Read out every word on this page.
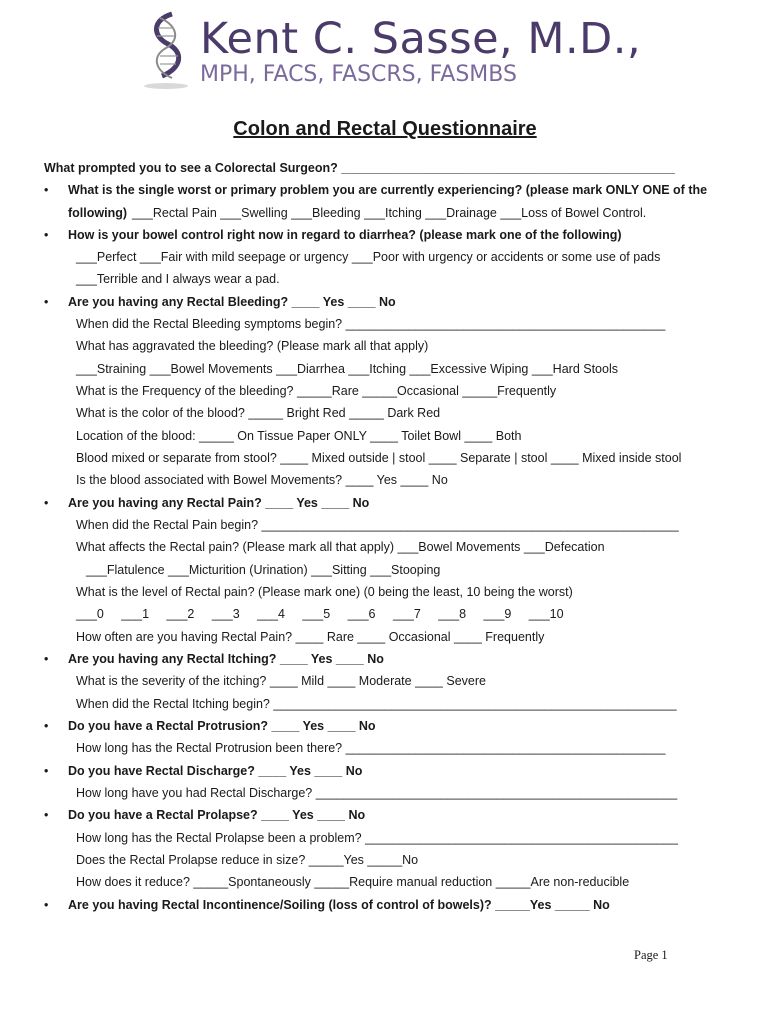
Kent C. Sasse, M.D.,
MPH, FACS, FASCRS, FASMBS
Colon and Rectal Questionnaire
What prompted you to see a Colorectal Surgeon? ________________________________________________
• What is the single worst or primary problem you are currently experiencing? (please mark ONLY ONE of the
following) ___Rectal Pain ___Swelling ___Bleeding ___Itching ___Drainage ___Loss of Bowel Control.
• How is your bowel control right now in regard to diarrhea? (please mark one of the following)
___Perfect ___Fair with mild seepage or urgency ___Poor with urgency or accidents or some use of pads
___Terrible and I always wear a pad.
• Are you having any Rectal Bleeding? ____ Yes ____ No
When did the Rectal Bleeding symptoms begin? ______________________________________________
What has aggravated the bleeding? (Please mark all that apply)
___Straining ___Bowel Movements ___Diarrhea ___Itching ___Excessive Wiping ___Hard Stools
What is the Frequency of the bleeding? _____Rare _____Occasional _____Frequently
What is the color of the blood? _____ Bright Red _____ Dark Red
Location of the blood: _____ On Tissue Paper ONLY ____ Toilet Bowl ____ Both
Blood mixed or separate from stool? ____ Mixed outside | stool ____ Separate | stool ____ Mixed inside stool
Is the blood associated with Bowel Movements? ____ Yes ____ No
• Are you having any Rectal Pain? ____ Yes ____ No
When did the Rectal Pain begin? ____________________________________________________________
What affects the Rectal pain? (Please mark all that apply) ___Bowel Movements ___Defecation
___Flatulence ___Micturition (Urination) ___Sitting ___Stooping
What is the level of Rectal pain? (Please mark one) (0 being the least, 10 being the worst)
___0 ___1 ___2 ___3 ___4 ___5 ___6 ___7 ___8 ___9 ___10
How often are you having Rectal Pain? ____ Rare ____ Occasional ____ Frequently
• Are you having any Rectal Itching? ____ Yes ____ No
What is the severity of the itching? ____ Mild ____ Moderate ____ Severe
When did the Rectal Itching begin? __________________________________________________________
• Do you have a Rectal Protrusion? ____ Yes ____ No
How long has the Rectal Protrusion been there? ______________________________________________
• Do you have Rectal Discharge? ____ Yes ____ No
How long have you had Rectal Discharge? ____________________________________________________
• Do you have a Rectal Prolapse? ____ Yes ____ No
How long has the Rectal Prolapse been a problem? _____________________________________________
Does the Rectal Prolapse reduce in size? _____Yes _____No
How does it reduce? _____Spontaneously _____Require manual reduction _____Are non-reducible
• Are you having Rectal Incontinence/Soiling (loss of control of bowels)? _____Yes _____ No
Page 1
